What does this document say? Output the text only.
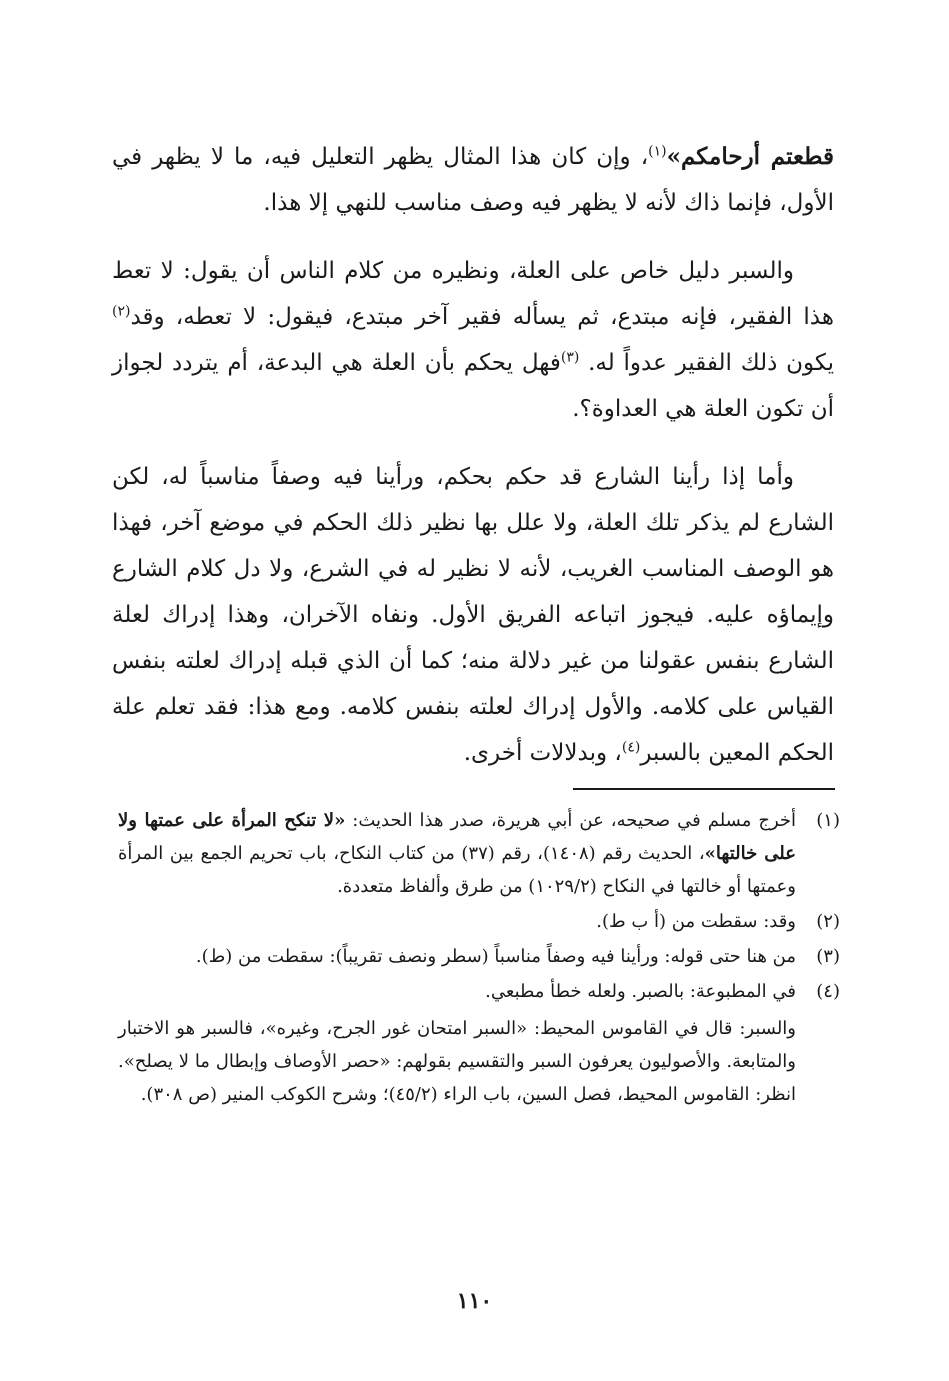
قطعتم أرحامكم»$^{(١)}$، وإن كان هذا المثال يظهر التعليل فيه، ما لا يظهر في الأول، فإنما ذاك لأنه لا يظهر فيه وصف مناسب للنهي إلا هذا.

والسبر دليل خاص على العلة، ونظيره من كلام الناس أن يقول: لا تعط هذا الفقير، فإنه مبتدع، ثم يسأله فقير آخر مبتدع، فيقول: لا تعطه، وقد$^{(٢)}$ يكون ذلك الفقير عدواً له. $^{(٣)}$فهل يحكم بأن العلة هي البدعة، أم يتردد لجواز أن تكون العلة هي العداوة؟.

وأما إذا رأينا الشارع قد حكم بحكم، ورأينا فيه وصفاً مناسباً له، لكن الشارع لم يذكر تلك العلة، ولا علل بها نظير ذلك الحكم في موضع آخر، فهذا هو الوصف المناسب الغريب، لأنه لا نظير له في الشرع، ولا دل كلام الشارع وإيماؤه عليه. فيجوز اتباعه الفريق الأول. ونفاه الآخران، وهذا إدراك لعلة الشارع بنفس عقولنا من غير دلالة منه؛ كما أن الذي قبله إدراك لعلته بنفس القياس على كلامه. والأول إدراك لعلته بنفس كلامه. ومع هذا: فقد تعلم علة الحكم المعين بالسبر$^{(٤)}$، وبدلالات أخرى.

(١)
أخرج مسلم في صحيحه، عن أبي هريرة، صدر هذا الحديث: «لا تنكح المرأة على عمتها ولا على خالتها»، الحديث رقم (١٤٠٨)، رقم (٣٧) من كتاب النكاح، باب تحريم الجمع بين المرأة وعمتها أو خالتها في النكاح (١٠٢٩/٢) من طرق وألفاظ متعددة.
(٢)
وقد: سقطت من (أ ب ط).
(٣)
من هنا حتى قوله: ورأينا فيه وصفاً مناسباً (سطر ونصف تقريباً): سقطت من (ط).
(٤)
في المطبوعة: بالصبر. ولعله خطأ مطبعي.
والسبر: قال في القاموس المحيط: «السبر امتحان غور الجرح، وغيره»، فالسبر هو الاختبار والمتابعة. والأصوليون يعرفون السبر والتقسيم بقولهم: «حصر الأوصاف وإبطال ما لا يصلح». انظر: القاموس المحيط، فصل السين، باب الراء (٤٥/٢)؛ وشرح الكوكب المنير (ص ٣٠٨).
١١٠
